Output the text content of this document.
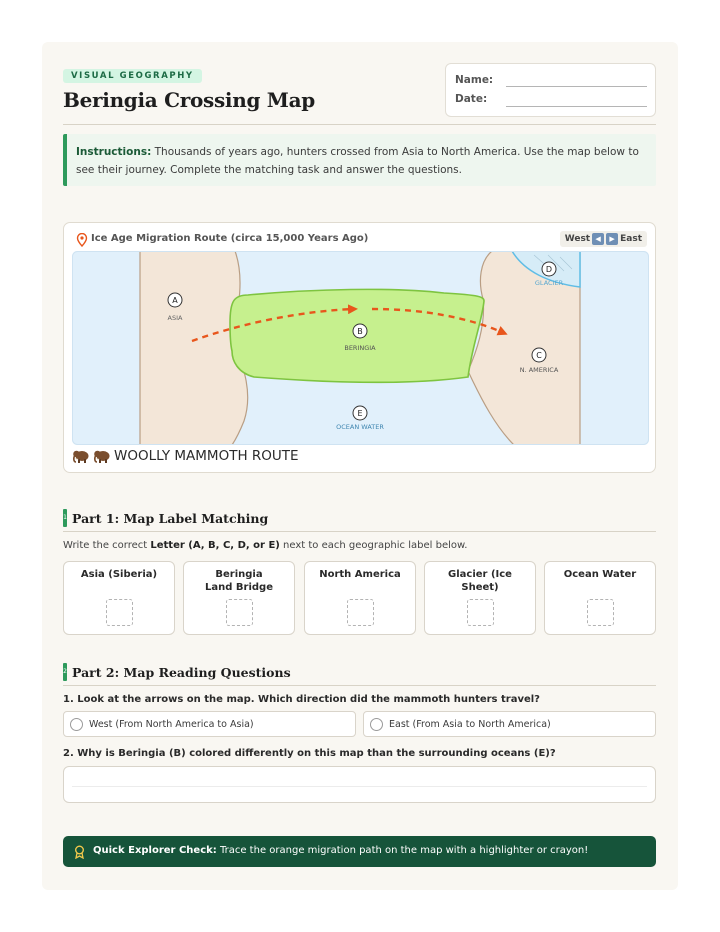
VISUAL GEOGRAPHY
Beringia Crossing Map
Name:
Date:
Instructions: Thousands of years ago, hunters crossed from Asia to North America. Use the map below to see their journey. Complete the matching task and answer the questions.
Ice Age Migration Route (circa 15,000 Years Ago)	West ◀	▶ East
A
ASIA
B
BERINGIA
C
N. AMERICA
D
GLACIER
E
OCEAN WATER
WOOLLY MAMMOTH ROUTE
1 Part 1: Map Label Matching
Write the correct Letter (A, B, C, D, or E) next to each geographic label below.
Asia (Siberia)	Beringia Land Bridge
North America	Glacier (Ice Sheet)
Ocean Water
2 Part 2: Map Reading Questions
1. Look at the arrows on the map. Which direction did the mammoth hunters travel?
West (From North America to Asia)	East (From Asia to North America)
2. Why is Beringia (B) colored differently on this map than the surrounding oceans (E)?
Quick Explorer Check: Trace the orange migration path on the map with a highlighter or crayon!
